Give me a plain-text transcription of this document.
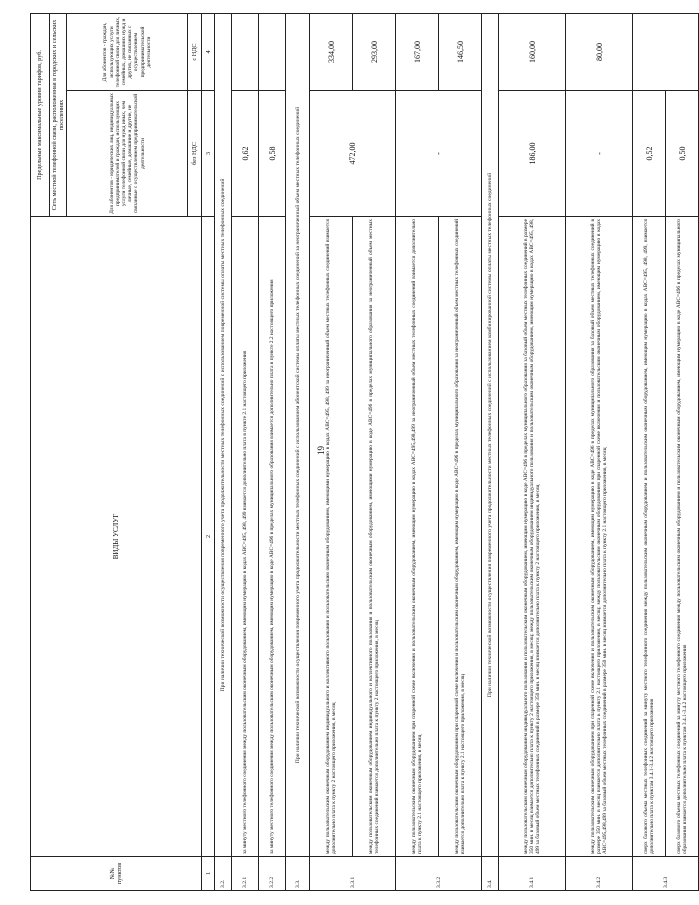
19
№№ пунктов	ВИДЫ УСЛУГ	Предельные максимальные уровни тарифов, руб.	
		Сеть местной телефонной связи, расположенная в городских и сельских поселениях	
		Для абонентов - юридических лиц, индивидуальных предпринимателей и граждан, использующих услуги телефонной связи для нужд иных, чем личные, семейные, домашние и другие, не связанные с осуществлением предпринимательской деятельности	Для абонентов - граждан, использующих услуги телефонной связи для личных, семейных, домашних нужд и других, не связанных с осуществлением предпринимательской деятельности
		без НДС	с НДС
1	2	3	4
3.2.	При наличии технической возможности осуществления повременного учета продолжительности местных телефонных соединений с использованием повременной системы оплаты местных телефонных соединений		
3.2.1	за минуту местного телефонного соединения между пользовательским оконечным оборудованием, имеющим нумерацию в кодах АВС=495, 498, 499 взимается дополнительно плата в пункте 2.1 настоящего приложения	0,62	
3.2.2	за минуту местного телефонного соединения между пользовательским оконечным оборудованием, имеющим нумерацию в коде АВС=496 в пределах муниципального образования взимается дополнительно плата в пункте 2.2 настоящего приложения	0,58	
3.3.	При наличии технической возможности осуществления повременного учета продолжительности местных телефонных соединений с использованием абонентской системы оплаты местных телефонных соединений за неограниченный объем местных телефонных соединений		
3.3.1	между пользовательским оконечным оборудованием индивидуального и коллективного пользования и пользовательским оконечным оборудованием, имеющими нумерацию в кодах АВС=495, 498, 499 за неограниченный объем местных телефонных соединений взимается дополнительно плата к пункту 2 настоящего приложения, в месяц	472,00	334,00
	между пользовательским оконечным оборудованием индивидуального и коллективного пользования и пользовательским оконечным оборудованием, имеющими нумерацию в коде АВС=496 в пределах муниципального образования за неограниченный объем местных телефонных соединений взимается дополнительно плата к пункту 2 настоящего приложения, в месяц		293,00
3.3.2	между пользовательским оконечным оборудованием при спаренной схеме включения и пользовательским оконечным оборудованием, имеющим нумерацию в кодах АВС=495,498,499 за неограниченный объем местных телефонных соединений взимается дополнительно плата к пункту 2.1 настоящего приложения, в месяц	-	167,00
	между пользовательским оконечным оборудованием при спаренной схеме включения и пользовательским оконечным оборудованием, имеющим нумерацию в коде АВС=496 в пределах муниципального образования за неограниченный объем местных телефонных соединений взимается дополнительно плата к пункту 2.1 настоящего приложения, в месяц		146,50
3.4.	При наличии технической возможности осуществления повременного учета продолжительности местных телефонных соединений с использованием комбинированной системы оплаты местных телефонных соединений		
3.4.1	между пользовательским оконечным оборудованием индивидуального пользования и пользовательским оконечным оборудованием, имеющим нумерацию в коде АВС=496 в пределах муниципального образования за базовый объем местных телефонных соединений в размере 350 мин. в месяц взимается дополнительно плата к пункту 2 настоящего приложения, в месяц; между пользовательским оконечным оборудованием индивидуального пользования и пользовательским оконечным оборудованием, имеющим нумерацию в кодах АВС=495, 498, 499 за базовый объем местных телефонных соединений в размере 350 мин. в месяц взимается дополнительно плата к пункту 2 настоящего приложения, в месяц	186,00	160,00
3.4.2	между пользовательским оконечным оборудованием при спаренной схеме включения и пользовательским оконечным оборудованием, имеющим нумерацию в коде АВС=496 в пределах муниципального образования за базовый объем местных телефонных соединений в размере 350 мин. в месяц взимается дополнительно плата к пункту 2.1 настоящего приложения, в месяц; между пользовательским оконечным оборудованием при спаренной схеме включения и пользовательским оконечным оборудованием, имеющим нумерацию в кодах АВС=495,498,499 за базовый объем местных телефонных соединений в размере 350 мин. в месяц взимается дополнительно плата к пункту 2.1 настоящего приложения, в месяц	-	80,00
3.4.3	сверх базового объема местных телефонных соединений за минуту местного телефонного соединения между пользовательским оконечным оборудованием и пользовательским оконечным оборудованием, имеющим нумерацию в кодах АВС=495, 498, 499, взимается дополнительно плата к пунктам 3.4.1-3.4.2 настоящего приложения	0,52	
	сверх базового объема местных телефонных соединений за минуту местного телефонного соединения между пользовательским оконечным оборудованием и пользовательским оконечным оборудованием, имеющим нумерацию в коде АВС=496 в пределах муниципального образования взимается дополнительно плата к пунктам 3.4.1-3.4.2 настоящего приложения	0,50	
